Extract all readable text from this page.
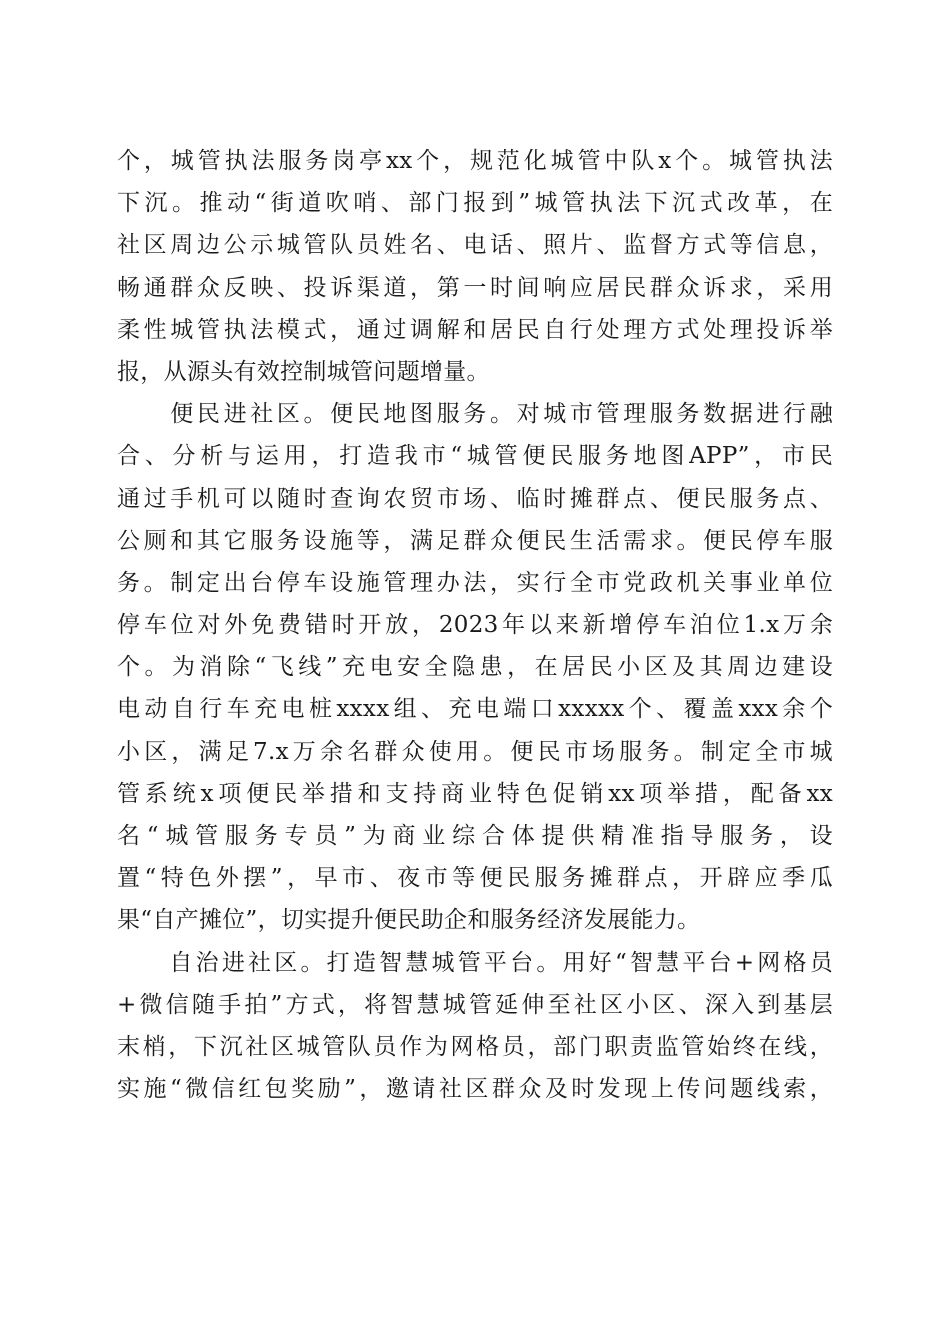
个，城管执法服务岗亭xx个，规范化城管中队x个。城管执法
下沉。推动“街道吹哨、部门报到”城管执法下沉式改革，在
社区周边公示城管队员姓名、电话、照片、监督方式等信息，
畅通群众反映、投诉渠道，第一时间响应居民群众诉求，采用
柔性城管执法模式，通过调解和居民自行处理方式处理投诉举
报，从源头有效控制城管问题增量。
　　便民进社区。便民地图服务。对城市管理服务数据进行融
合、分析与运用，打造我市“城管便民服务地图APP”，市民
通过手机可以随时查询农贸市场、临时摊群点、便民服务点、
公厕和其它服务设施等，满足群众便民生活需求。便民停车服
务。制定出台停车设施管理办法，实行全市党政机关事业单位
停车位对外免费错时开放，2023年以来新增停车泊位1.x万余
个。为消除“飞线”充电安全隐患，在居民小区及其周边建设
电动自行车充电桩xxxx组、充电端口xxxxx个、覆盖xxx余个
小区，满足7.x万余名群众使用。便民市场服务。制定全市城
管系统x项便民举措和支持商业特色促销xx项举措，配备xx
名“城管服务专员”为商业综合体提供精准指导服务，设
置“特色外摆”，早市、夜市等便民服务摊群点，开辟应季瓜
果“自产摊位”，切实提升便民助企和服务经济发展能力。
　　自治进社区。打造智慧城管平台。用好“智慧平台+网格员
+微信随手拍”方式，将智慧城管延伸至社区小区、深入到基层
末梢，下沉社区城管队员作为网格员，部门职责监管始终在线，
实施“微信红包奖励”，邀请社区群众及时发现上传问题线索，
